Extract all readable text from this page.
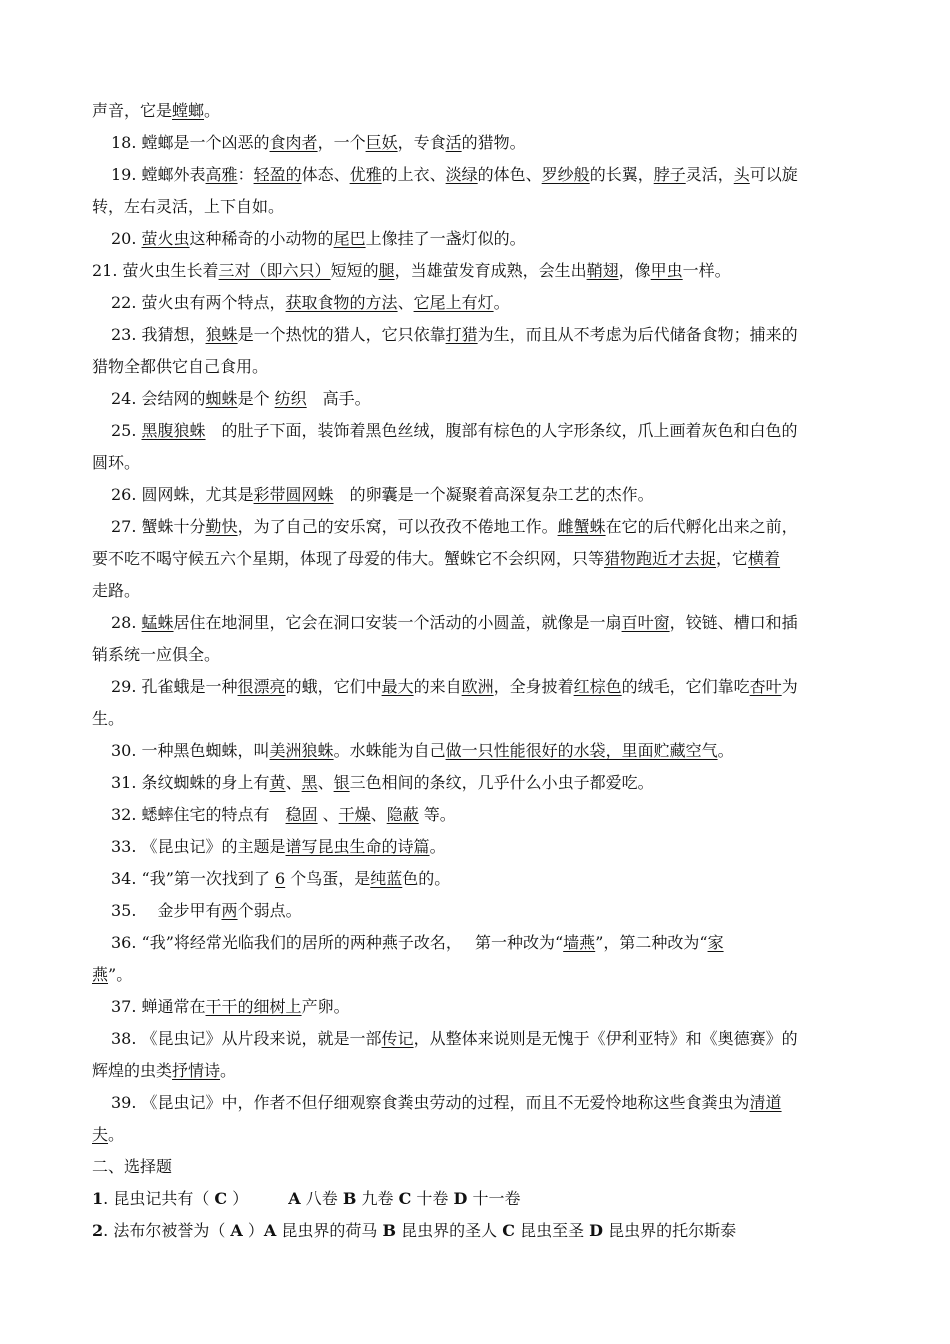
声音，它是螳螂。
18. 螳螂是一个凶恶的食肉者，一个巨妖，专食活的猎物。
19. 螳螂外表高雅：轻盈的体态、优雅的上衣、淡绿的体色、罗纱般的长翼，脖子灵活，头可以旋
转，左右灵活，上下自如。
20. 萤火虫这种稀奇的小动物的尾巴上像挂了一盏灯似的。
21. 萤火虫生长着三对（即六只）短短的腿，当雄萤发育成熟，会生出鞘翅，像甲虫一样。
22. 萤火虫有两个特点，获取食物的方法、它尾上有灯。
23. 我猜想，狼蛛是一个热忱的猎人，它只依靠打猎为生，而且从不考虑为后代储备食物；捕来的
猎物全都供它自己食用。
24. 会结网的蜘蛛是个 纺织　高手。
25. 黑腹狼蛛　的肚子下面，装饰着黑色丝绒，腹部有棕色的人字形条纹，爪上画着灰色和白色的
圆环。
26. 圆网蛛，尤其是彩带圆网蛛　的卵囊是一个凝聚着高深复杂工艺的杰作。
27. 蟹蛛十分勤快，为了自己的安乐窝，可以孜孜不倦地工作。雌蟹蛛在它的后代孵化出来之前，
要不吃不喝守候五六个星期，体现了母爱的伟大。蟹蛛它不会织网，只等猎物跑近才去捉，它横着
走路。
28. 蜢蛛居住在地洞里，它会在洞口安装一个活动的小圆盖，就像是一扇百叶窗，铰链、槽口和插
销系统一应俱全。
29. 孔雀蛾是一种很漂亮的蛾，它们中最大的来自欧洲，全身披着红棕色的绒毛，它们靠吃杏叶为
生。
30. 一种黑色蜘蛛，叫美洲狼蛛。水蛛能为自己做一只性能很好的水袋，里面贮藏空气。
31. 条纹蜘蛛的身上有黄、黑、银三色相间的条纹，几乎什么小虫子都爱吃。
32. 蟋蟀住宅的特点有　稳固 、干燥、隐蔽 等。
33. 《昆虫记》的主题是谱写昆虫生命的诗篇。
34. “我”第一次找到了 6 个鸟蛋，是纯蓝色的。
35.　 金步甲有两个弱点。
36. “我”将经常光临我们的居所的两种燕子改名，　 第一种改为“墙燕”，第二种改为“家
燕”。
37. 蝉通常在干干的细树上产卵。
38. 《昆虫记》从片段来说，就是一部传记，从整体来说则是无愧于《伊利亚特》和《奥德赛》的
辉煌的虫类抒情诗。
39. 《昆虫记》中，作者不但仔细观察食粪虫劳动的过程，而且不无爱怜地称这些食粪虫为清道
夫。
二、选择题
1. 昆虫记共有（ C ）	A 八卷 B 九卷 C 十卷 D 十一卷
2. 法布尔被誉为（ A ）A 昆虫界的荷马 B 昆虫界的圣人 C 昆虫至圣 D 昆虫界的托尔斯泰
